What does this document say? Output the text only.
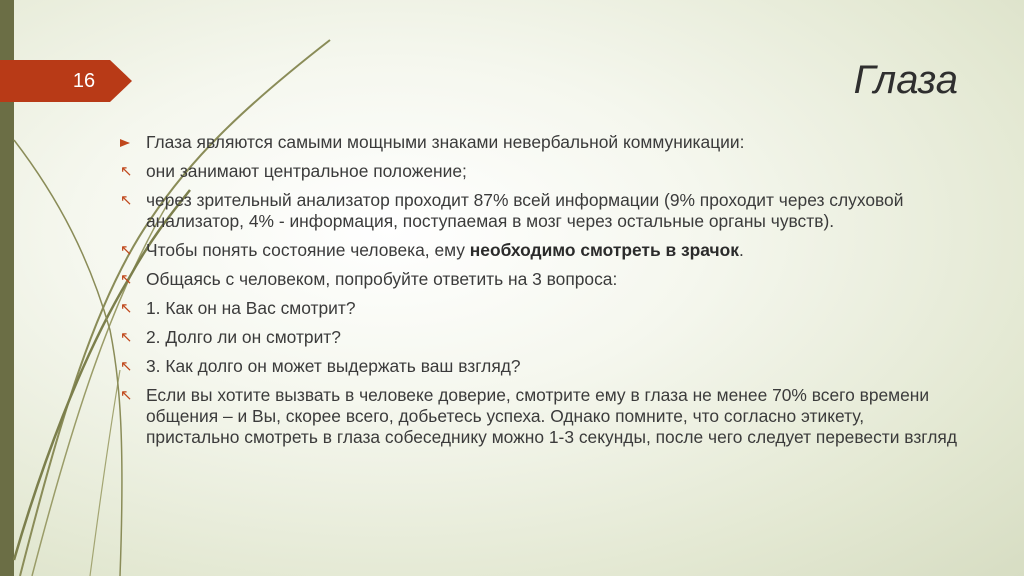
16	Глаза
Глаза являются самыми мощными знаками невербальной коммуникации:
↖ они занимают центральное положение;
↖ через зрительный анализатор проходит 87% всей информации (9% проходит через слуховой анализатор, 4% - информация, поступаемая в мозг через остальные органы чувств).
↖ Чтобы понять состояние человека, ему необходимо смотреть в зрачок.
↖ Общаясь с человеком, попробуйте ответить на 3 вопроса:
↖ 1. Как он на Вас смотрит?
↖ 2. Долго ли он смотрит?
↖ 3. Как долго он может выдержать ваш взгляд?
↖ Если вы хотите вызвать в человеке доверие, смотрите ему в глаза не менее 70% всего времени общения – и Вы, скорее всего, добьетесь успеха. Однако помните, что согласно этикету, пристально смотреть в глаза собеседнику можно 1-3 секунды, после чего следует перевести взгляд
